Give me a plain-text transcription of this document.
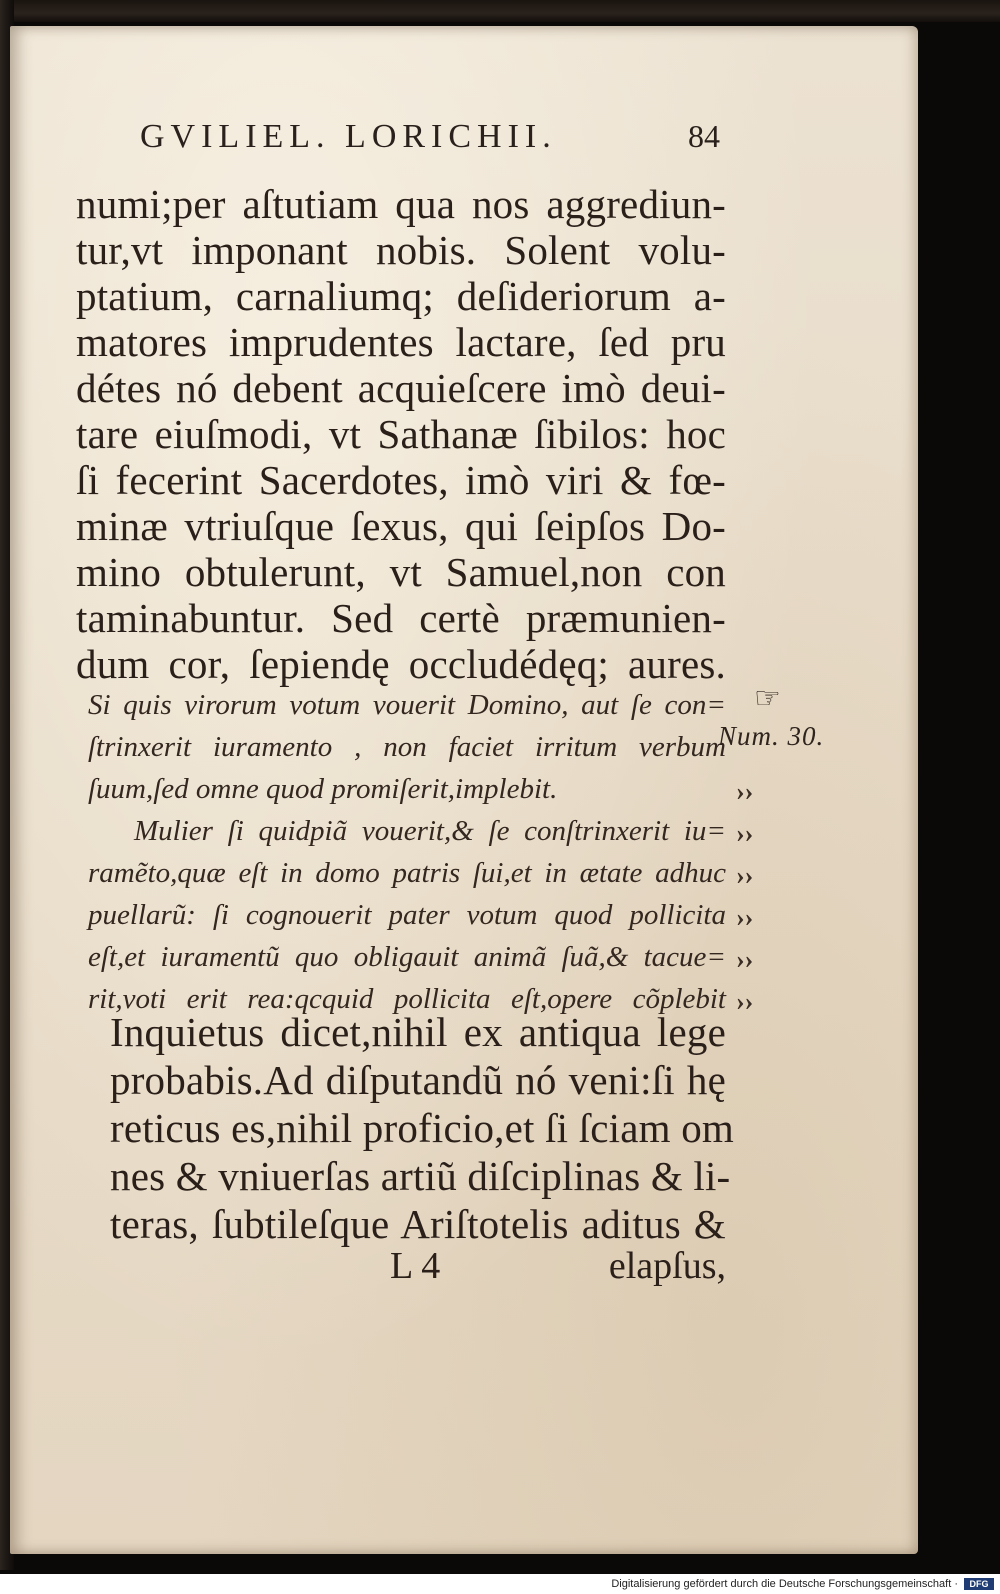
GVILIEL. LORICHII.	84
numi;per aſtutiam qua nos aggrediun-
tur,vt imponant nobis. Solent volu-
ptatium, carnaliumq; deſideriorum a-
matores imprudentes lactare, ſed pru
détes nó debent acquieſcere imò deui-
tare eiuſmodi, vt Sathanæ ſibilos: hoc
ſi fecerint Sacerdotes, imò viri & fœ-
minæ vtriuſque ſexus, qui ſeipſos Do-
mino obtulerunt, vt Samuel,non con
taminabuntur. Sed certè præmunien-
dum cor, ſepiendę occludédęq; aures.
Si quis virorum votum vouerit Domino, aut ſe con=
ſtrinxerit iuramento , non faciet irritum verbum
ſuum,ſed omne quod promiſerit,implebit.
Mulier ſi quidpiã vouerit,& ſe conſtrinxerit iu=
ramẽto,quæ eſt in domo patris ſui,et in ætate adhuc
puellarũ: ſi cognouerit pater votum quod pollicita
eſt,et iuramentũ quo obligauit animã ſuã,& tacue=
rit,voti erit rea:qcquid pollicita eſt,opere cõplebit
☞
Num. 30.
››
››
››
››
››
››
Inquietus dicet,nihil ex antiqua lege
probabis.Ad diſputandũ nó veni:ſi hę
reticus es,nihil proficio,et ſi ſciam om
nes & vniuerſas artiũ diſciplinas & li-
teras, ſubtileſque Ariſtotelis aditus &
L 4	elapſus,
Digitalisierung gefördert durch die Deutsche Forschungsgemeinschaft ·	DFG
